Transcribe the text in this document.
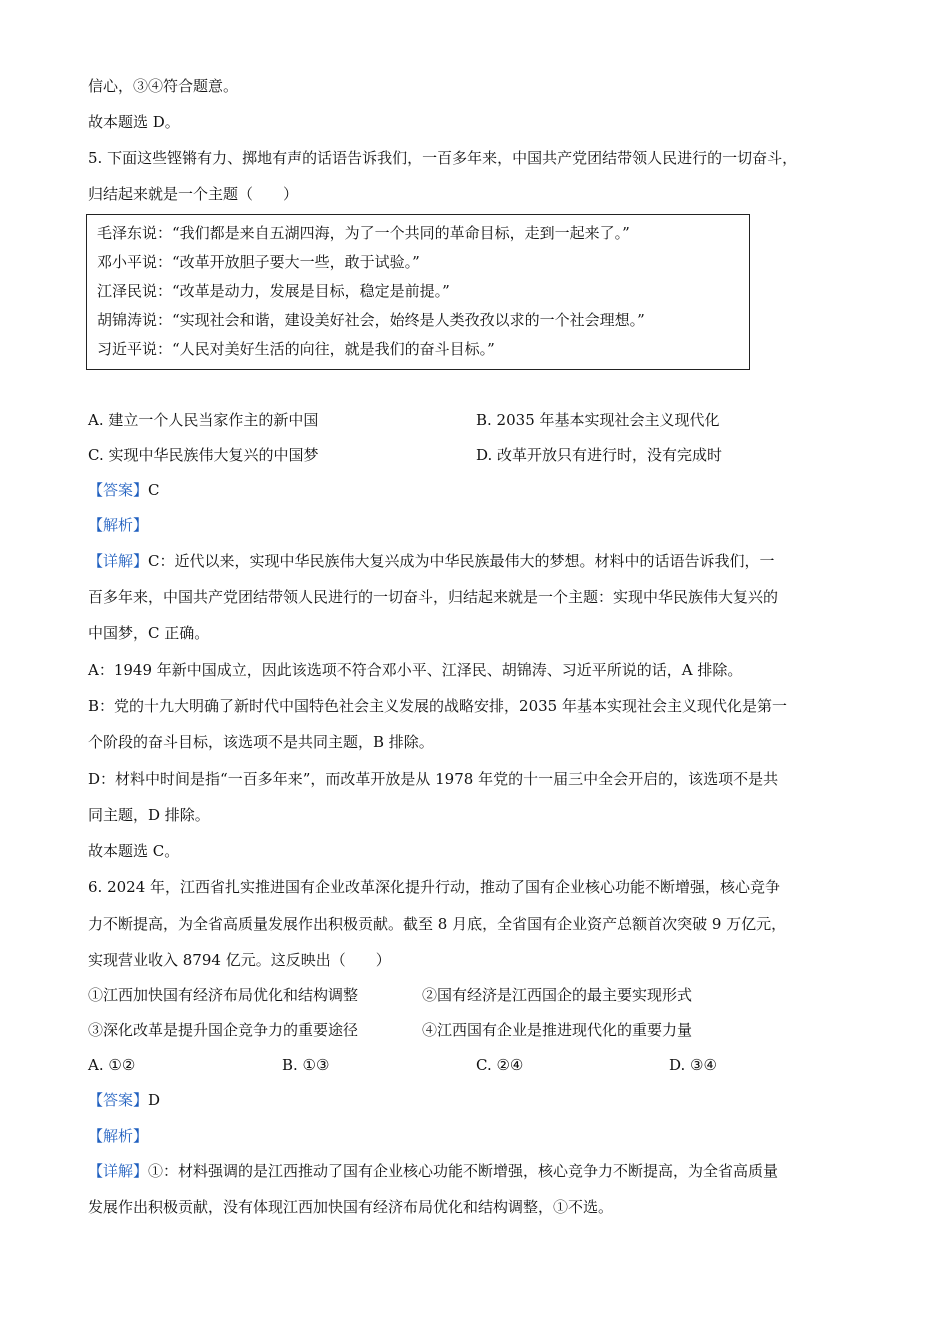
信心，③④符合题意。
故本题选 D。
5. 下面这些铿锵有力、掷地有声的话语告诉我们，一百多年来，中国共产党团结带领人民进行的一切奋斗，
归结起来就是一个主题（　　）
毛泽东说：“我们都是来自五湖四海，为了一个共同的革命目标，走到一起来了。”
邓小平说：“改革开放胆子要大一些，敢于试验。”
江泽民说：“改革是动力，发展是目标，稳定是前提。”
胡锦涛说：“实现社会和谐，建设美好社会，始终是人类孜孜以求的一个社会理想。”
习近平说：“人民对美好生活的向往，就是我们的奋斗目标。”
A. 建立一个人民当家作主的新中国	B. 2035 年基本实现社会主义现代化
C. 实现中华民族伟大复兴的中国梦	D. 改革开放只有进行时，没有完成时
【答案】C
【解析】
【详解】C：近代以来，实现中华民族伟大复兴成为中华民族最伟大的梦想。材料中的话语告诉我们，一
百多年来，中国共产党团结带领人民进行的一切奋斗，归结起来就是一个主题：实现中华民族伟大复兴的
中国梦，C 正确。
A：1949 年新中国成立，因此该选项不符合邓小平、江泽民、胡锦涛、习近平所说的话，A 排除。
B：党的十九大明确了新时代中国特色社会主义发展的战略安排，2035 年基本实现社会主义现代化是第一
个阶段的奋斗目标，该选项不是共同主题，B 排除。
D：材料中时间是指“一百多年来”，而改革开放是从 1978 年党的十一届三中全会开启的，该选项不是共
同主题，D 排除。
故本题选 C。
6. 2024 年，江西省扎实推进国有企业改革深化提升行动，推动了国有企业核心功能不断增强，核心竞争
力不断提高，为全省高质量发展作出积极贡献。截至 8 月底，全省国有企业资产总额首次突破 9 万亿元，
实现营业收入 8794 亿元。这反映出（　　）
①江西加快国有经济布局优化和结构调整	②国有经济是江西国企的最主要实现形式
③深化改革是提升国企竞争力的重要途径	④江西国有企业是推进现代化的重要力量
A. ①②	B. ①③	C. ②④	D. ③④
【答案】D
【解析】
【详解】①：材料强调的是江西推动了国有企业核心功能不断增强，核心竞争力不断提高，为全省高质量
发展作出积极贡献，没有体现江西加快国有经济布局优化和结构调整，①不选。
